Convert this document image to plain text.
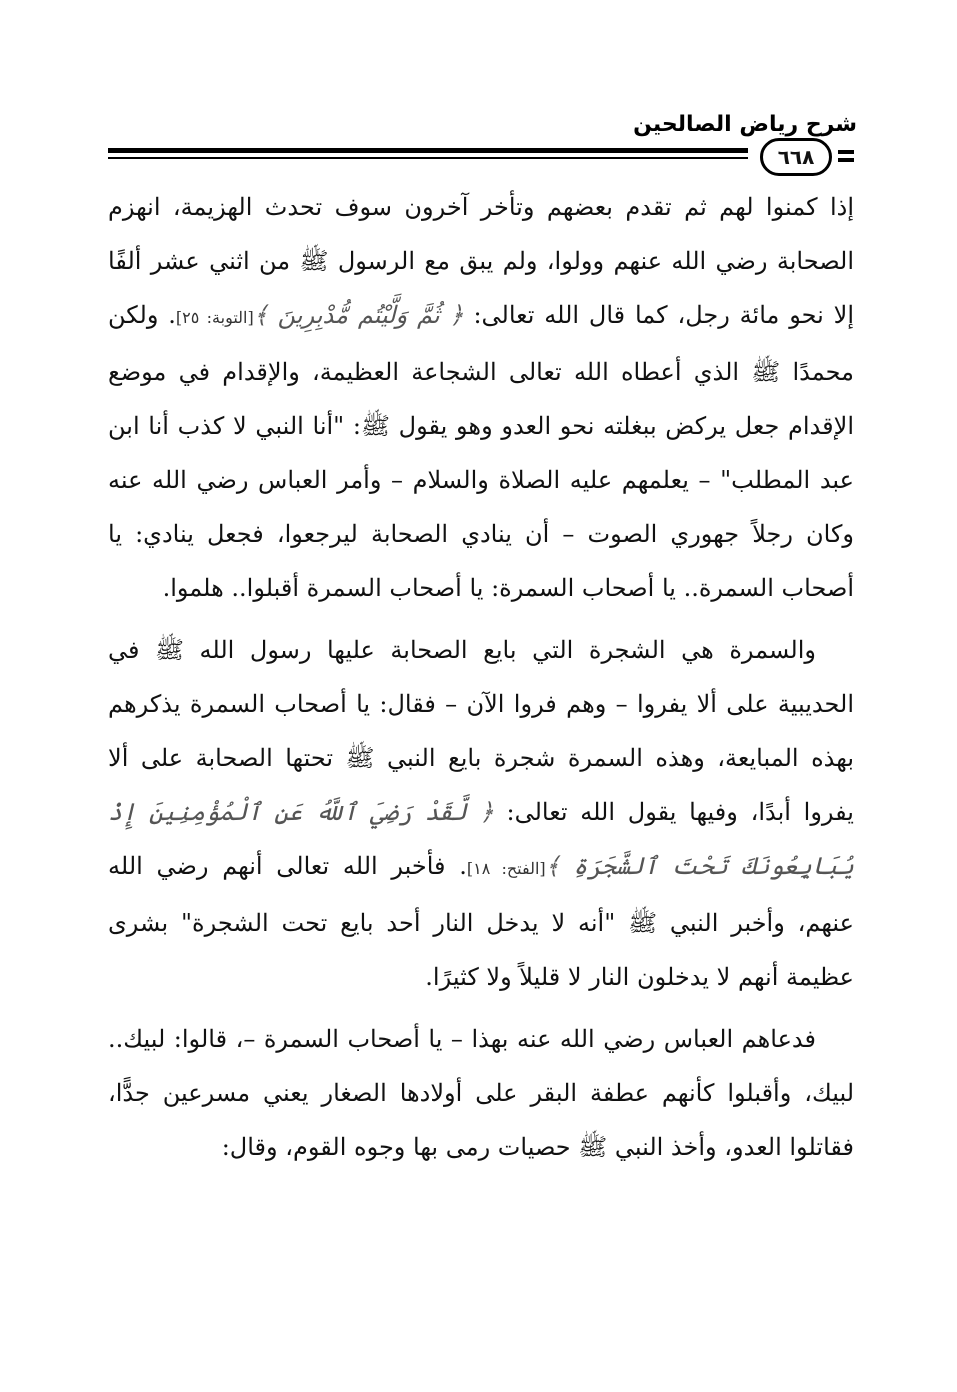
شرح رياض الصالحين
٦٦٨

إذا كمنوا لهم ثم تقدم بعضهم وتأخر آخرون سوف تحدث الهزيمة، انهزم الصحابة رضي الله عنهم وولوا، ولم يبق مع الرسول ﷺ من اثني عشر ألفًا إلا نحو مائة رجل، كما قال الله تعالى: ﴿ ثُمَّ وَلَّيْتُم مُّدْبِرِينَ ﴾[التوبة: ٢٥]. ولكن محمدًا ﷺ الذي أعطاه الله تعالى الشجاعة العظيمة، والإقدام في موضع الإقدام جعل يركض ببغلته نحو العدو وهو يقول ﷺ: "أنا النبي لا كذب أنا ابن عبد المطلب" – يعلمهم عليه الصلاة والسلام – وأمر العباس رضي الله عنه وكان رجلاً جهوري الصوت – أن ينادي الصحابة ليرجعوا، فجعل ينادي: يا أصحاب السمرة.. يا أصحاب السمرة: يا أصحاب السمرة أقبلوا.. هلموا.

والسمرة هي الشجرة التي بايع الصحابة عليها رسول الله ﷺ في الحديبية على ألا يفروا – وهم فروا الآن – فقال: يا أصحاب السمرة يذكرهم بهذه المبايعة، وهذه السمرة شجرة بايع النبي ﷺ تحتها الصحابة على ألا يفروا أبدًا، وفيها يقول الله تعالى: ﴿ لَّقَدْ رَضِيَ ٱللَّهُ عَنِ ٱلْمُؤْمِنِينَ إِذْ يُبَايِعُونَكَ تَحْتَ ٱلشَّجَرَةِ ﴾[الفتح: ١٨]. فأخبر الله تعالى أنهم رضي الله عنهم، وأخبر النبي ﷺ "أنه لا يدخل النار أحد بايع تحت الشجرة" بشرى عظيمة أنهم لا يدخلون النار لا قليلاً ولا كثيرًا.

فدعاهم العباس رضي الله عنه بهذا – يا أصحاب السمرة –، قالوا: لبيك.. لبيك، وأقبلوا كأنهم عطفة البقر على أولادها الصغار يعني مسرعين جدًّا، فقاتلوا العدو، وأخذ النبي ﷺ حصيات رمى بها وجوه القوم، وقال:
